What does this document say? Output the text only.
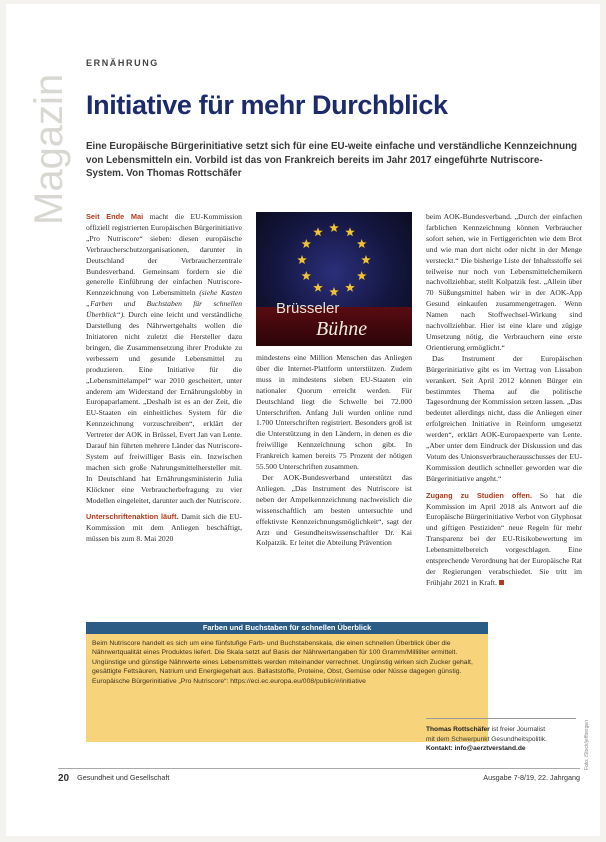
Magazin
ERNÄHRUNG
Initiative für mehr Durchblick
Eine Europäische Bürgerinitiative setzt sich für eine EU-weite einfache und verständliche Kennzeichnung von Lebensmitteln ein. Vorbild ist das von Frankreich bereits im Jahr 2017 eingeführte Nutriscore-System. Von Thomas Rottschäfer

Seit Ende Mai macht die EU-Kommission offiziell registrierten Europäischen Bürgerinitiative „Pro Nutriscore“ sieben: diesen europäische Verbraucherschutzorganisationen, darunter in Deutschland der Verbraucherzentrale Bundesverband. Gemeinsam fordern sie die generelle Einführung der einfachen Nutriscore-Kennzeichnung von Lebensmitteln (siehe Kasten „Farben und Buchstaben für schnellen Überblick“). Durch eine leicht und verständliche Darstellung des Nährwertgehalts wollen die Initiatoren nicht zuletzt die Hersteller dazu bringen, die Zusammensetzung ihrer Produkte zu verbessern und gesunde Lebensmittel zu produzieren. Eine Initiative für die „Lebensmittelampel“ war 2010 gescheitert, unter anderem am Widerstand der Ernährungslobby in Europaparlament. „Deshalb ist es an der Zeit, die EU-Staaten ein einheitliches System für die Kennzeichnung vorzuschreiben“, erklärt der Vertreter der AOK in Brüssel, Evert Jan van Lente. Darauf hin führten mehrere Länder das Nutriscore-System auf freiwilliger Basis ein. Inzwischen machen sich große Nahrungsmittelhersteller mit. In Deutschland hat Ernährungsministerin Julia Klöckner eine Verbraucherbefragung zu vier Modellen eingeleitet, darunter auch der Nutriscore.

Unterschriftenaktion läuft. Damit sich die EU-Kommission mit dem Anliegen beschäftigt, müssen bis zum 8. Mai 2020

Brüsseler
Bühne

mindestens eine Million Menschen das Anliegen über die Internet-Plattform unterstützen. Zudem muss in mindestens sieben EU-Staaten ein nationaler Quorum erreicht werden. Für Deutschland liegt die Schwelle bei 72.000 Unterschriften. Anfang Juli wurden online rund 1.700 Unterschriften registriert. Besonders groß ist die Unterstützung in den Ländern, in denen es die freiwillige Kennzeichnung schon gibt. In Frankreich kamen bereits 75 Prozent der nötigen 55.500 Unterschriften zusammen.

Der AOK-Bundesverband unterstützt das Anliegen. „Das Instrument des Nutriscore ist neben der Ampelkennzeichnung nachweislich die wissenschaftlich am besten untersuchte und effektivste Kennzeichnungsmöglichkeit“, sagt der Arzt und Gesundheitswissenschaftler Dr. Kai Kolpatzik. Er leitet die Abteilung Prävention

beim AOK-Bundesverband. „Durch der einfachen farblichen Kennzeichnung können Verbraucher sofort sehen, wie in Fertiggerichten wie dem Brot und wie man dort nicht oder nicht in der Menge versteckt.“ Die bisherige Liste der Inhaltsstoffe sei teilweise nur noch von Lebensmittelchemikern nachvollziehbar, stellt Kolpatzik fest. „Allein über 70 Süßungsmittel haben wir in der AOK-App Gesund einkaufen zusammengetragen. Wenn Namen nach Stoffwechsel-Wirkung sind nachvollziehbar. Hier ist eine klare und zügige Umsetzung nötig, die Verbrauchern eine erste Orientierung ermöglicht.“

Das Instrument der Europäischen Bürgerinitiative gibt es im Vertrag von Lissabon verankert. Seit April 2012 können Bürger ein bestimmtes Thema auf die politische Tagesordnung der Kommission setzen lassen. „Das bedeutet allerdings nicht, dass die Anliegen einer erfolgreichen Initiative in Reinform umgesetzt werden“, erklärt AOK-Europaexperte van Lente. „Aber unter dem Eindruck der Diskussion und das Votum des Unionsverbraucherausschusses der EU-Kommission deutlich schneller geworden war die Bürgerinitiative angeht.“

Zugang zu Studien offen. So hat die Kommission im April 2018 als Antwort auf die Europäische Bürgerinitiative Verbot von Glyphosat und giftigen Pestiziden“ neue Regeln für mehr Transparenz bei der EU-Risikobewertung im Lebensmittelbereich vorgeschlagen. Eine entsprechende Verordnung hat der Europäische Rat der Regierungen verabschiedet. Sie tritt im Frühjahr 2021 in Kraft.

Farben und Buchstaben für schnellen Überblick

Beim Nutriscore handelt es sich um eine fünfstufige Farb- und Buchstabenskala, die einen schnellen Überblick über die Nährwertqualität eines Produktes liefert. Die Skala setzt auf Basis der Nährwertangaben für 100 Gramm/Milliliter ermittelt. Ungünstige und günstige Nährwerte eines Lebensmittels werden miteinander verrechnet. Ungünstig wirken sich Zucker gehalt, gesättigte Fettsäuren, Natrium und Energiegehalt aus. Ballaststoffe, Proteine, Obst, Gemüse oder Nüsse dagegen günstig.

Europäische Bürgerinitiative „Pro Nutriscore“: https://eci.ec.europa.eu/008/public/#/initiative

Thomas Rottschäfer ist freier Journalist
mit dem Schwerpunkt Gesundheitspolitik.
Kontakt: info@aerztverstand.de	Foto: iStock/jeffbergen
20 Gesundheit und Gesellschaft	Ausgabe 7-8/19, 22. Jahrgang
